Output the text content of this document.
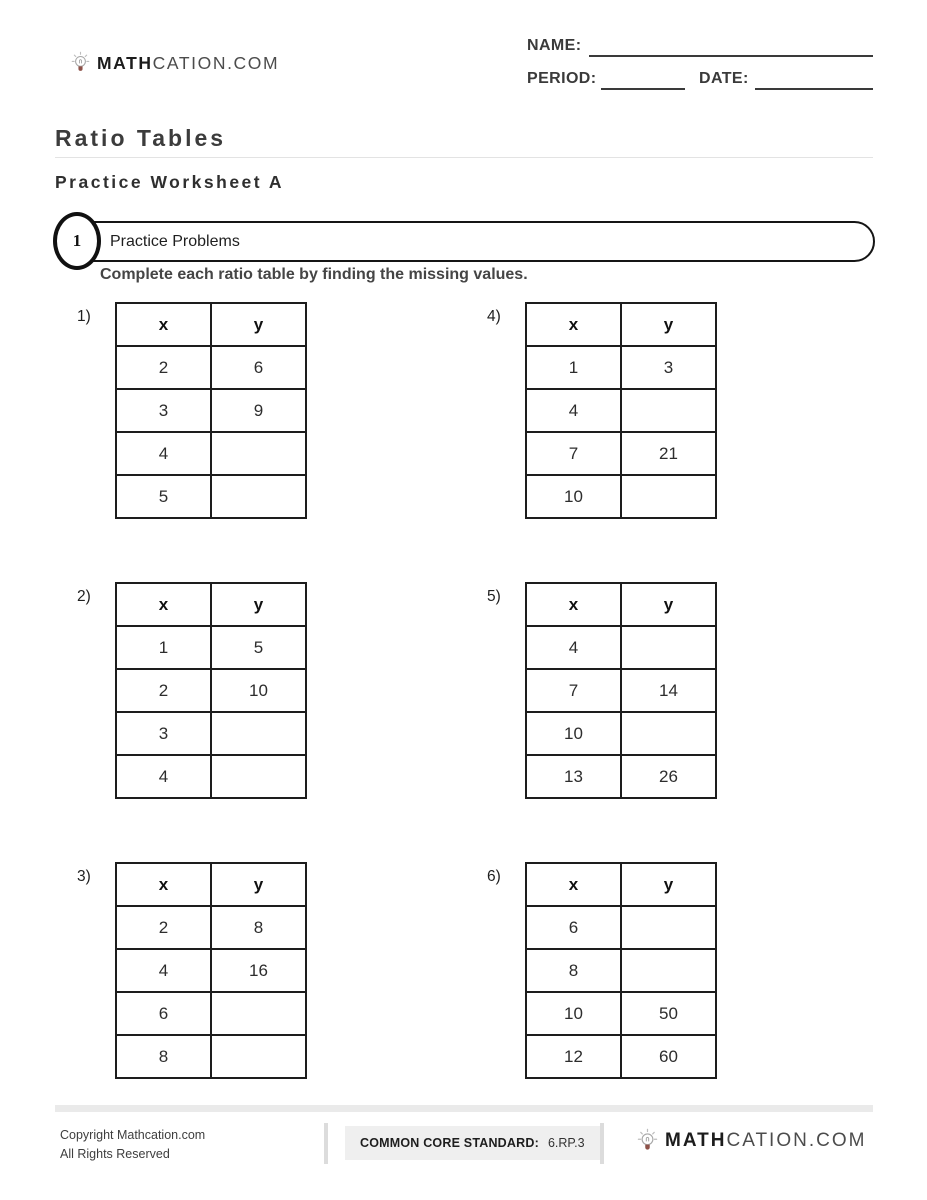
MATHCATION.COM
NAME:
PERIOD:	DATE:
Ratio Tables
Practice Worksheet A
Practice Problems
1

Complete each ratio table by finding the missing values.

1)	x	y
2	6
3	9
4	
5	
2)	x	y
1	5
2	10
3	
4	
3)	x	y
2	8
4	16
6	
8	
4)	x	y
1	3
4	
7	21
10	
5)	x	y
4	
7	14
10	
13	26
6)	x	y
6	
8	
10	50
12	60
Copyright Mathcation.com
All Rights Reserved
COMMON CORE STANDARD: 6.RP.3	MATHCATION.COM
